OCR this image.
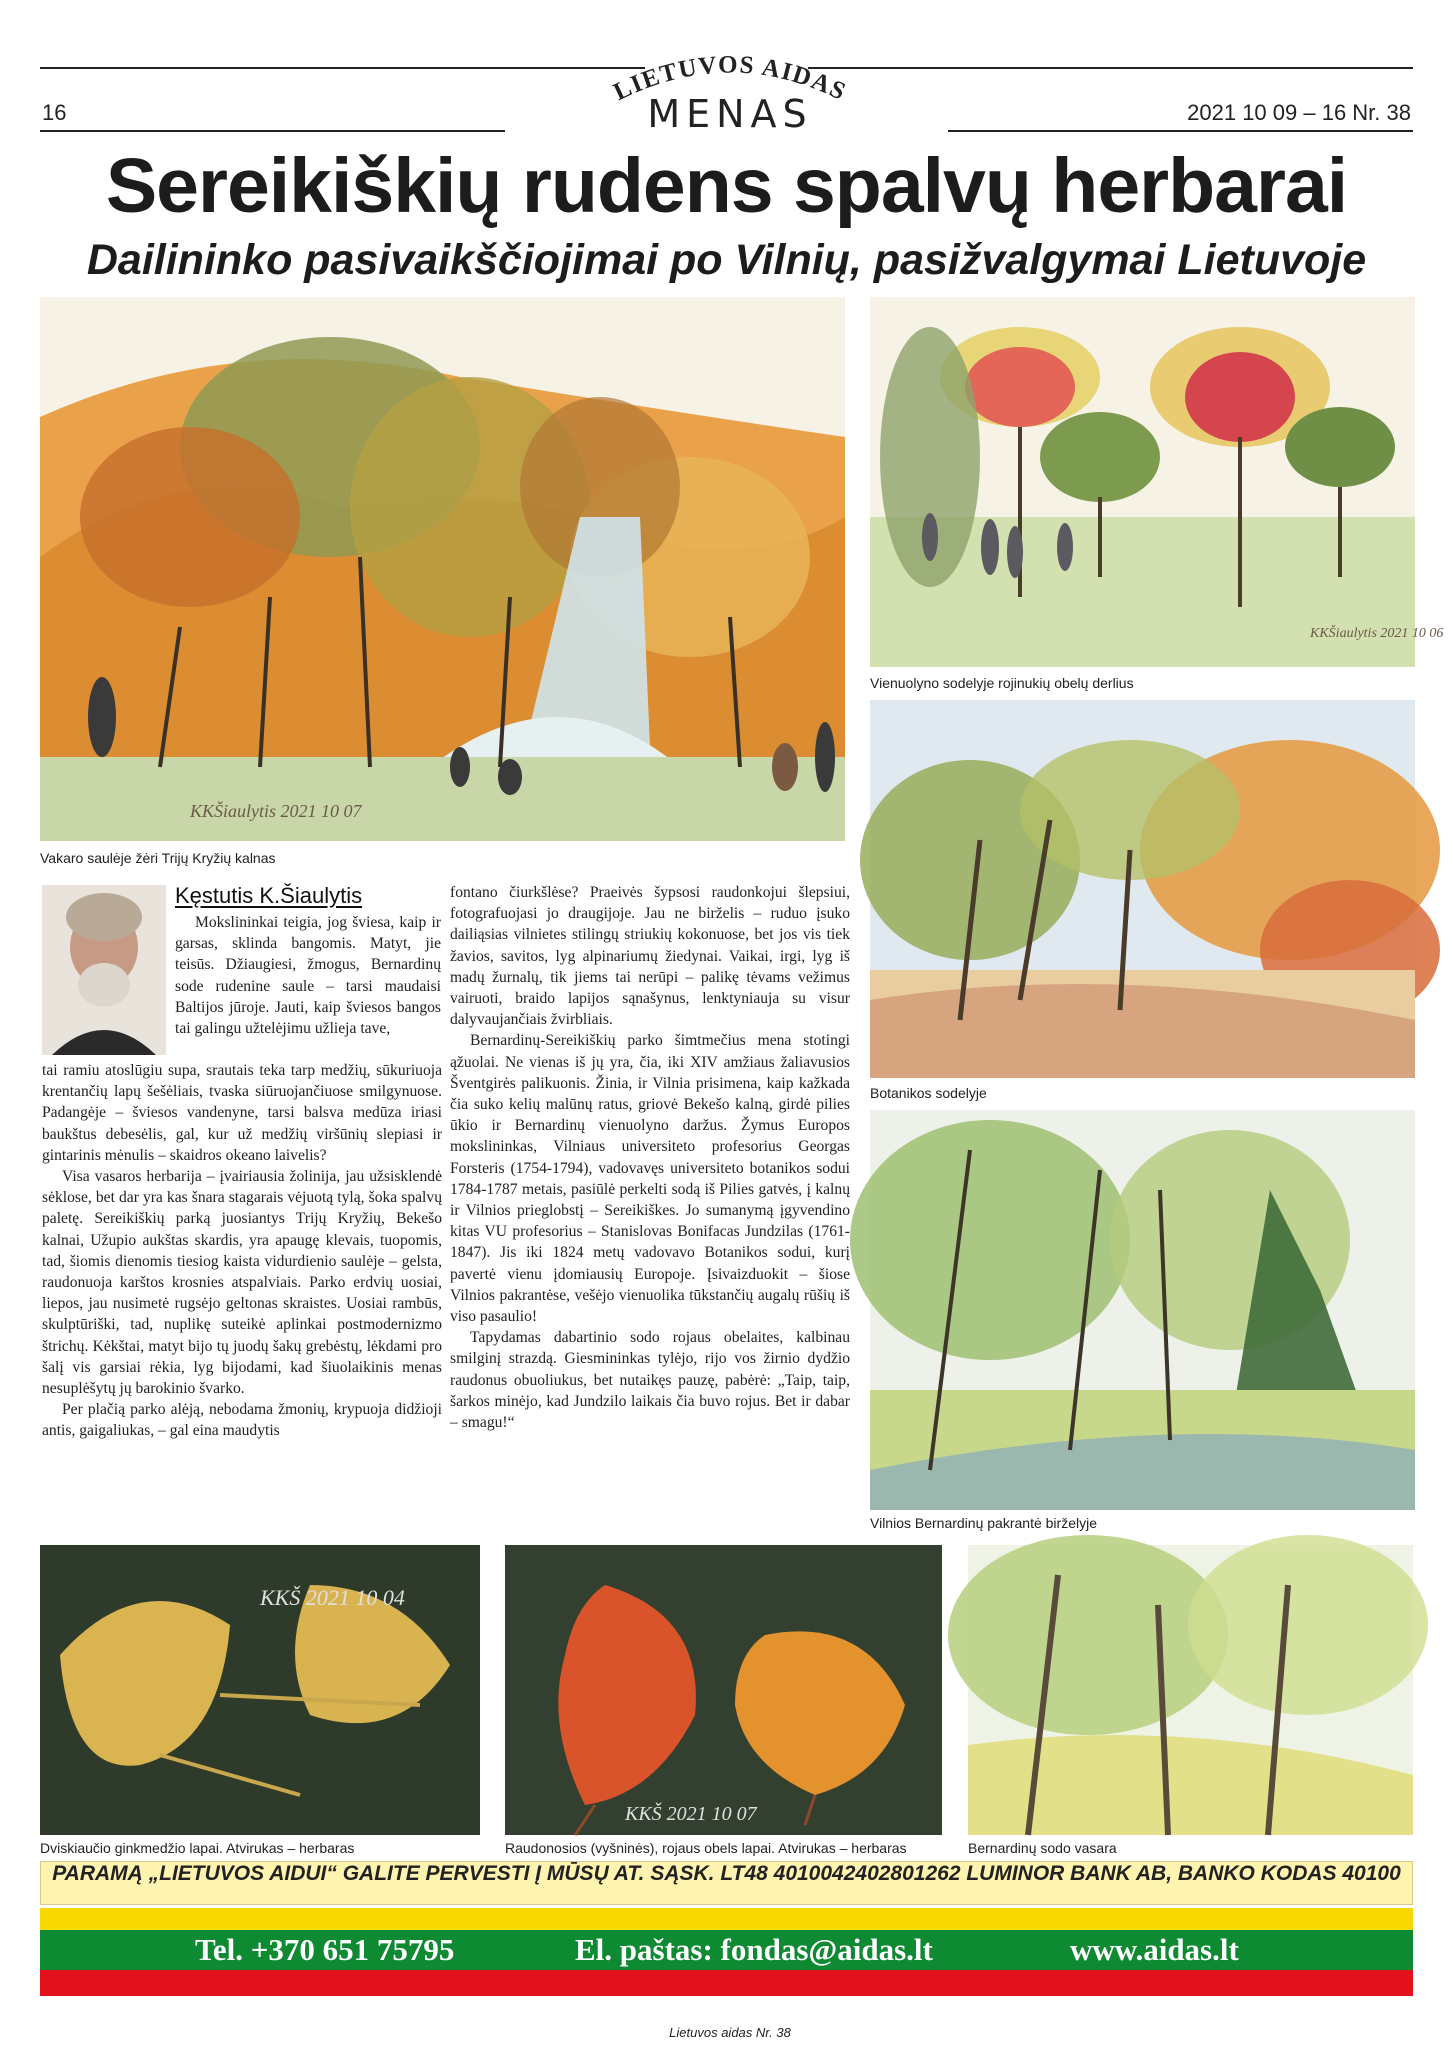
16	2021 10 09 – 16 Nr. 38
LIETUVOS AIDAS
MENAS
Sereikiškių rudens spalvų herbarai
Dailininko pasivaikščiojimai po Vilnių, pasižvalgymai Lietuvoje
KKŠiaulytis 2021 10 07
Vakaro saulėje žėri Trijų Kryžių kalnas
KKŠiaulytis 2021 10 06
Vienuolyno sodelyje rojinukių obelų derlius
Botanikos sodelyje
Vilnios Bernardinų pakrantė birželyje
Kęstutis K.Šiaulytis

Mokslininkai teigia, jog šviesa, kaip ir garsas, sklinda bangomis. Matyt, jie teisūs. Džiaugiesi, žmogus, Bernardinų sode rudenine saule – tarsi maudaisi Baltijos jūroje. Jauti, kaip šviesos bangos tai galingu užtelėjimu užlieja tave,

tai ramiu atoslūgiu supa, srautais teka tarp medžių, sūkuriuoja krentančių lapų šešėliais, tvaska siūruojančiuose smilgynuose. Padangėje – šviesos vandenyne, tarsi balsva medūza iriasi baukštus debesėlis, gal, kur už medžių viršūnių slepiasi ir gintarinis mėnulis – skaidros okeano laivelis?

Visa vasaros herbarija – įvairiausia žolinija, jau užsisklendė sėklose, bet dar yra kas šnara stagarais vėjuotą tylą, šoka spalvų paletę. Sereikiškių parką juosiantys Trijų Kryžių, Bekešo kalnai, Užupio aukštas skardis, yra apaugę klevais, tuopomis, tad, šiomis dienomis tiesiog kaista vidurdienio saulėje – gelsta, raudonuoja karštos krosnies atspalviais. Parko erdvių uosiai, liepos, jau nusimetė rugsėjo geltonas skraistes. Uosiai rambūs, skulptūriški, tad, nuplikę suteikė aplinkai postmodernizmo štrichų. Kėkštai, matyt bijo tų juodų šakų grebėstų, lėkdami pro šalį vis garsiai rėkia, lyg bijodami, kad šiuolaikinis menas nesuplėšytų jų barokinio švarko.

Per plačią parko alėją, nebodama žmonių, krypuoja didžioji antis, gaigaliukas, – gal eina maudytis

fontano čiurkšlėse? Praeivės šypsosi raudonkojui šlepsiui, fotografuojasi jo draugijoje. Jau ne birželis – ruduo įsuko dailiąsias vilnietes stilingų striukių kokonuose, bet jos vis tiek žavios, savitos, lyg alpinariumų žiedynai. Vaikai, irgi, lyg iš madų žurnalų, tik jiems tai nerūpi – palikę tėvams vežimus vairuoti, braido lapijos sąnašynus, lenktyniauja su visur dalyvaujančiais žvirbliais.

Bernardinų-Sereikiškių parko šimtmečius mena stotingi ąžuolai. Ne vienas iš jų yra, čia, iki XIV amžiaus žaliavusios Šventgirės palikuonis. Žinia, ir Vilnia prisimena, kaip kažkada čia suko kelių malūnų ratus, griovė Bekešo kalną, girdė pilies ūkio ir Bernardinų vienuolyno daržus. Žymus Europos mokslininkas, Vilniaus universiteto profesorius Georgas Forsteris (1754-1794), vadovavęs universiteto botanikos sodui 1784-1787 metais, pasiūlė perkelti sodą iš Pilies gatvės, į kalnų ir Vilnios prieglobstį – Sereikiškes. Jo sumanymą įgyvendino kitas VU profesorius – Stanislovas Bonifacas Jundzilas (1761-1847). Jis iki 1824 metų vadovavo Botanikos sodui, kurį pavertė vienu įdomiausių Europoje. Įsivaizduokit – šiose Vilnios pakrantėse, vešėjo vienuolika tūkstančių augalų rūšių iš viso pasaulio!

Tapydamas dabartinio sodo rojaus obelaites, kalbinau smilginį strazdą. Giesmininkas tylėjo, rijo vos žirnio dydžio raudonus obuoliukus, bet nutaikęs pauzę, pabėrė: „Taip, taip, šarkos minėjo, kad Jundzilo laikais čia buvo rojus. Bet ir dabar – smagu!“

KKŠ 2021 10 04
Dviskiaučio ginkmedžio lapai. Atvirukas – herbaras
KKŠ 2021 10 07
Raudonosios (vyšninės), rojaus obels lapai. Atvirukas – herbaras	Bernardinų sodo vasara
PARAMĄ „LIETUVOS AIDUI“ GALITE PERVESTI Į MŪSŲ AT. SĄSK. LT48 4010042402801262 LUMINOR BANK AB, BANKO KODAS 40100
Tel. +370 651 75795	El. paštas: fondas@aidas.lt	www.aidas.lt
Lietuvos aidas Nr. 38
